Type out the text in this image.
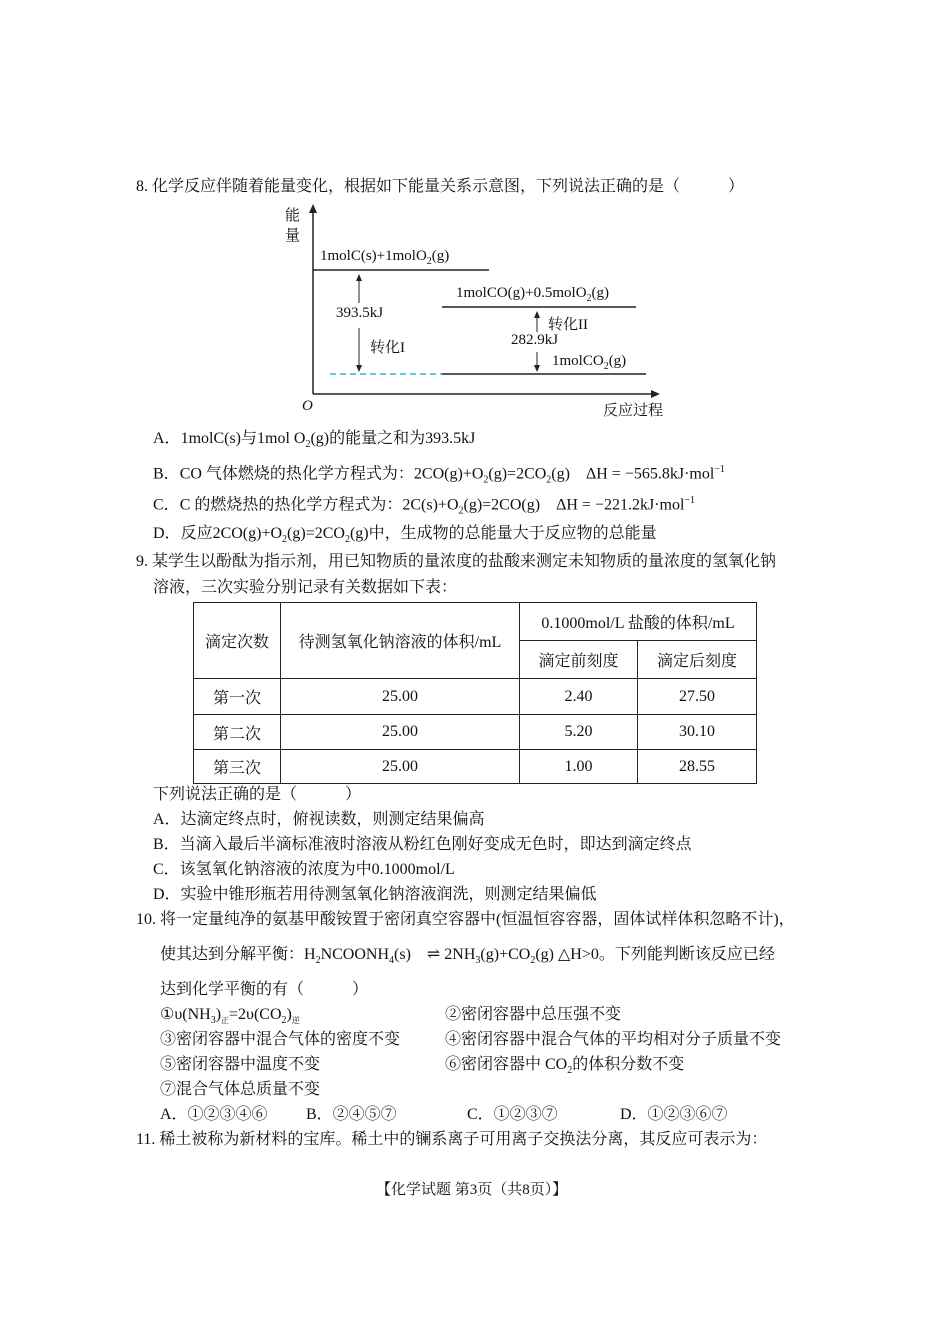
8. 化学反应伴随着能量变化，根据如下能量关系示意图，下列说法正确的是（　　　）
能
量
1molC(s)+1molO$_2$(g)
1molCO(g)+0.5molO$_2$(g)
1molCO$_2$(g)
393.5kJ
转化I	282.9kJ
转化II
O	反应过程
A．1molC(s)与1mol $O_2(g)$的能量之和为393.5kJ
B．CO 气体燃烧的热化学方程式为：$2CO(g)+O_2(g)=2CO_2(g)$　ΔH = −565.8kJ·mol$^{-1}$
C．C 的燃烧热的热化学方程式为：$2C(s)+O_2(g)=2CO(g)$　ΔH = −221.2kJ·mol$^{-1}$
D．反应$2CO(g)+O_2(g)=2CO_2(g)$中，生成物的总能量大于反应物的总能量
9. 某学生以酚酞为指示剂，用已知物质的量浓度的盐酸来测定未知物质的量浓度的氢氧化钠
溶液，三次实验分别记录有关数据如下表：
滴定次数	待测氢氧化钠溶液的体积/mL	0.1000mol/L 盐酸的体积/mL	
		滴定前刻度	滴定后刻度
第一次	25.00	2.40	27.50
第二次	25.00	5.20	30.10
第三次	25.00	1.00	28.55
下列说法正确的是（　　　）
A．达滴定终点时，俯视读数，则测定结果偏高
B．当滴入最后半滴标准液时溶液从粉红色刚好变成无色时，即达到滴定终点
C．该氢氧化钠溶液的浓度为中0.1000mol/L
D．实验中锥形瓶若用待测氢氧化钠溶液润洗，则测定结果偏低
10. 将一定量纯净的氨基甲酸铵置于密闭真空容器中(恒温恒容容器，固体试样体积忽略不计)，
使其达到分解平衡：$H_2NCOONH_4(s)$　⇌ $2NH_3(g)+CO_2(g)$ △H>0。下列能判断该反应已经
达到化学平衡的有（　　　）
$①\upsilon(NH_3)_正=2\upsilon(CO_2)_逆$	②密闭容器中总压强不变
③密闭容器中混合气体的密度不变	④密闭容器中混合气体的平均相对分子质量不变
⑤密闭容器中温度不变	⑥密闭容器中 $CO_2$的体积分数不变
⑦混合气体总质量不变
A．①②③④⑥ B．②④⑤⑦	C．①②③⑦	D．①②③⑥⑦
11. 稀土被称为新材料的宝库。稀土中的镧系离子可用离子交换法分离，其反应可表示为：
【化学试题 第3页（共8页）】
